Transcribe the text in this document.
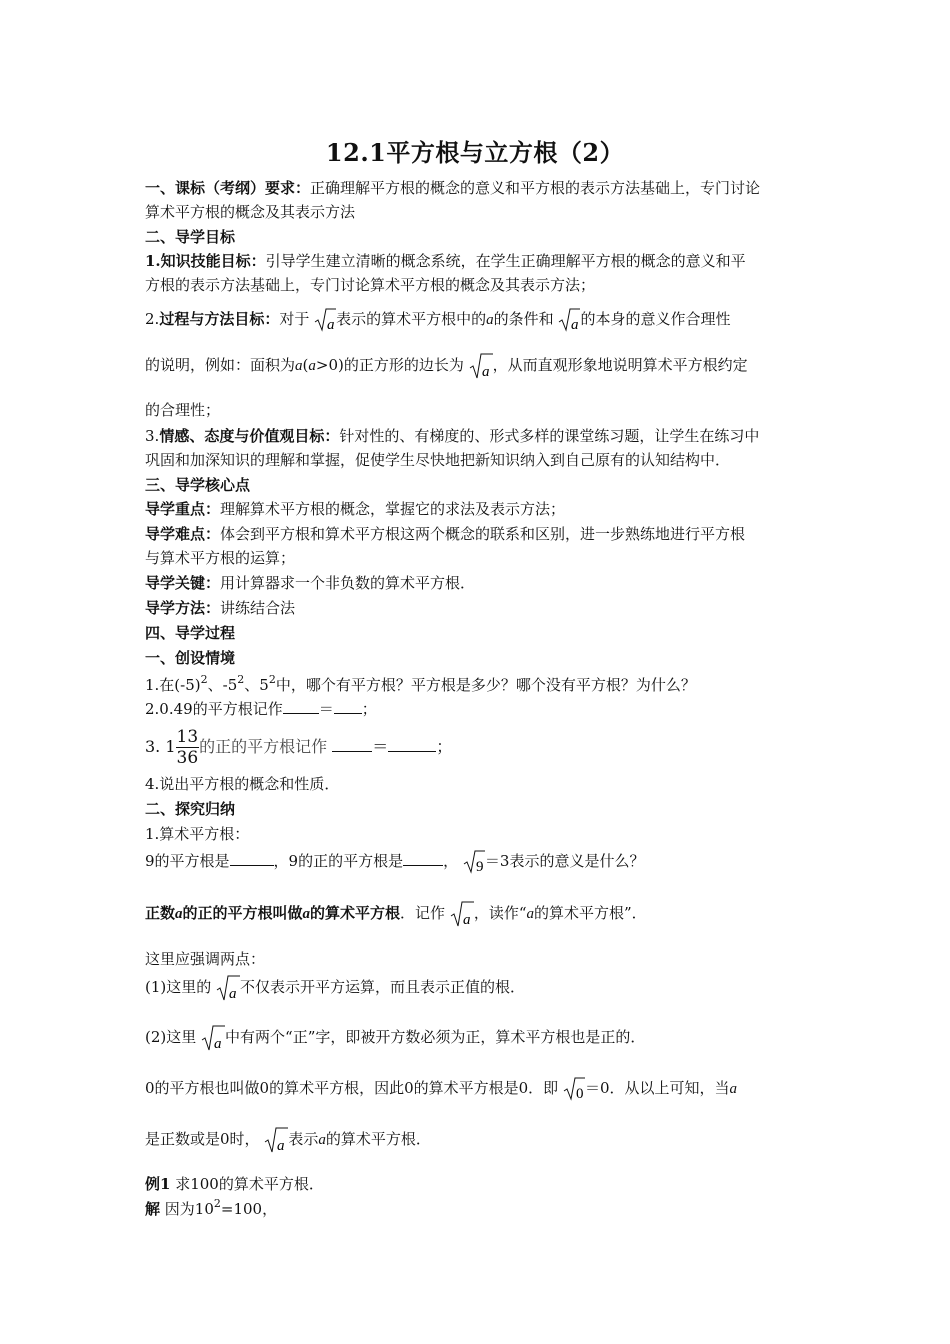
12.1平方根与立方根（2）
一、课标（考纲）要求：正确理解平方根的概念的意义和平方根的表示方法基础上，专门讨论
算术平方根的概念及其表示方法
二、导学目标
1.知识技能目标：引导学生建立清晰的概念系统，在学生正确理解平方根的概念的意义和平
方根的表示方法基础上，专门讨论算术平方根的概念及其表示方法；
2.过程与方法目标：对于 a 表示的算术平方根中的a的条件和 a 的本身的意义作合理性
的说明，例如：面积为a(a>0)的正方形的边长为 a ，从而直观形象地说明算术平方根约定
的合理性；
3.情感、态度与价值观目标：针对性的、有梯度的、形式多样的课堂练习题，让学生在练习中
巩固和加深知识的理解和掌握，促使学生尽快地把新知识纳入到自己原有的认知结构中．
三、导学核心点
导学重点：理解算术平方根的概念，掌握它的求法及表示方法；
导学难点：体会到平方根和算术平方根这两个概念的联系和区别，进一步熟练地进行平方根
与算术平方根的运算；
导学关键：用计算器求一个非负数的算术平方根．
导学方法：讲练结合法
四、导学过程
一、创设情境
1.在$(-5)^2$、$-5^2$、$5^2$中，哪个有平方根？平方根是多少？哪个没有平方根？为什么？
2.0.49的平方根记作 ＝ ；
3. $1 \frac{13}{36}$ 的正的平方根记作	＝	；
4.说出平方根的概念和性质．
二、探究归纳
1.算术平方根：
9的平方根是	，9的正的平方根是	， 9 ＝3表示的意义是什么？
正数a的正的平方根叫做a的算术平方根．记作 a ，读作“a的算术平方根”．
这里应强调两点：
(1)这里的 a 不仅表示开平方运算，而且表示正值的根．
(2)这里 a 中有两个“正”字，即被开方数必须为正，算术平方根也是正的．
0的平方根也叫做0的算术平方根，因此0的算术平方根是0．即 0 ＝0．从以上可知，当a
是正数或是0时， a 表示a的算术平方根．
例1 求100的算术平方根．
解 因为$10^2=100$，
